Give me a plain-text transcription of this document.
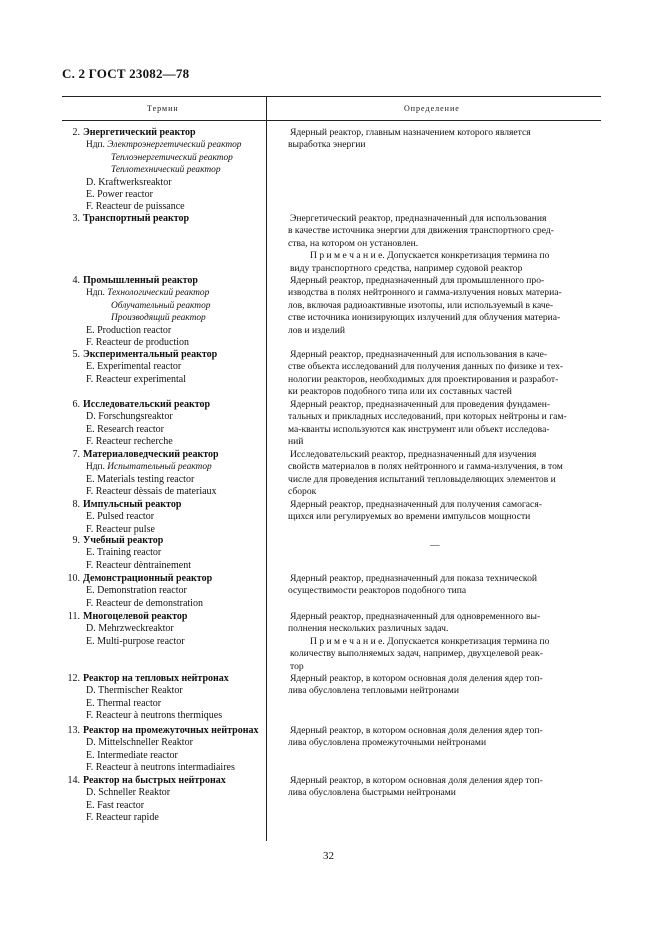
С. 2 ГОСТ 23082—78
Термин	Определение
2. Энергетический реактор
Ндп. Электроэнергетический реактор
Теплоэнергетический реактор
Теплотехнический реактор
D. Kraftwerksreaktor
E. Power reactor
F. Reacteur de puissance
3. Транспортный реактор
4. Промышленный реактор
Ндп. Технологический реактор
Облучательный реактор
Производящий реактор
E. Production reactor
F. Reacteur de production
5. Экспериментальный реактор
E. Experimental reactor
F. Reacteur experimental
6. Исследовательский реактор
D. Forschungsreaktor
E. Research reactor
F. Reacteur recherche
7. Материаловедческий реактор
Ндп. Испытательный реактор
E. Materials testing reactor
F. Reacteur dèssais de materiaux
8. Импульсный реактор
E. Pulsed reactor
F. Reacteur pulse
9. Учебный реактор
E. Training reactor
F. Reacteur dèntrainement
10. Демонстрационный реактор
E. Demonstration reactor
F. Reacteur de demonstration
11. Многоцелевой реактор
D. Mehrzweckreaktor
E. Multi-purpose reactor
12. Реактор на тепловых нейтронах
D. Thermischer Reaktor
E. Thermal reactor
F. Reacteur à neutrons thermiques
13. Реактор на промежуточных нейтронах
D. Mittelschneller Reaktor
E. Intermediate reactor
F. Reacteur à neutrons intermadiaires
14. Реактор на быстрых нейтронах
D. Schneller Reaktor
E. Fast reactor
F. Reacteur rapide
Ядерный реактор, главным назначением которого является
выработка энергии
Энергетический реактор, предназначенный для использования
в качестве источника энергии для движения транспортного сред-
ства, на котором он установлен.
П р и м е ч а н и е. Допускается конкретизация термина по
виду транспортного средства, например судовой реактор
Ядерный реактор, предназначенный для промышленного про-
изводства в полях нейтронного и гамма-излучения новых материа-
лов, включая радиоактивные изотопы, или используемый в каче-
стве источника ионизирующих излучений для облучения материа-
лов и изделий
Ядерный реактор, предназначенный для использования в каче-
стве объекта исследований для получения данных по физике и тех-
нологии реакторов, необходимых для проектирования и разработ-
ки реакторов подобного типа или их составных частей
Ядерный реактор, предназначенный для проведения фундамен-
тальных и прикладных исследований, при которых нейтроны и гам-
ма-кванты используются как инструмент или объект исследова-
ний
Исследовательский реактор, предназначенный для изучения
свойств материалов в полях нейтронного и гамма-излучения, в том
числе для проведения испытаний тепловыделяющих элементов и
сборок
Ядерный реактор, предназначенный для получения самогася-
щихся или регулируемых во времени импульсов мощности
—
Ядерный реактор, предназначенный для показа технической
осуществимости реакторов подобного типа
Ядерный реактор, предназначенный для одновременного вы-
полнения нескольких различных задач.
П р и м е ч а н и е. Допускается конкретизация термина по
количеству выполняемых задач, например, двухцелевой реак-
тор
Ядерный реактор, в котором основная доля деления ядер топ-
лива обусловлена тепловыми нейтронами
Ядерный реактор, в котором основная доля деления ядер топ-
лива обусловлена промежуточными нейтронами
Ядерный реактор, в котором основная доля деления ядер топ-
лива обусловлена быстрыми нейтронами
32
